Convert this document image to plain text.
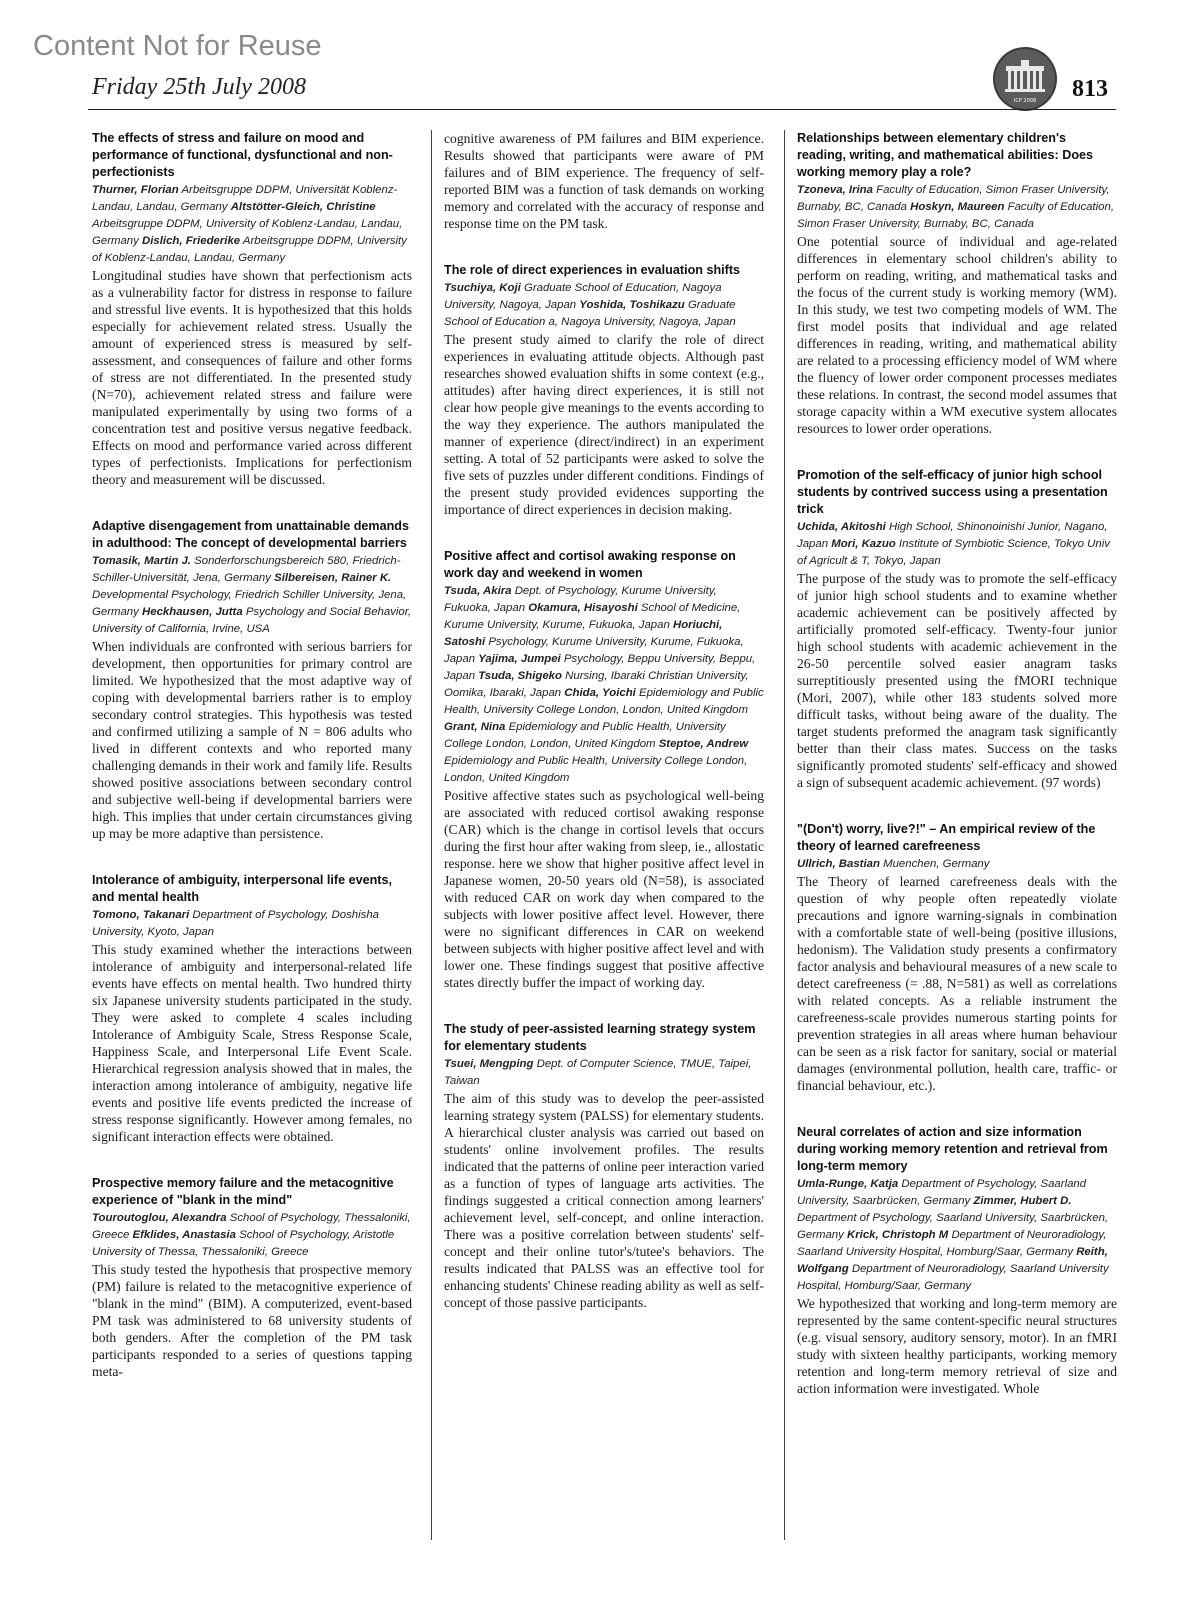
Content Not for Reuse
Friday 25th July 2008
ICP 2008 813
The effects of stress and failure on mood and performance of functional, dysfunctional and non-perfectionists

Thurner, Florian Arbeitsgruppe DDPM, Universität Koblenz-Landau, Landau, Germany Altstötter-Gleich, Christine Arbeitsgruppe DDPM, University of Koblenz-Landau, Landau, Germany Dislich, Friederike Arbeitsgruppe DDPM, University of Koblenz-Landau, Landau, Germany

Longitudinal studies have shown that perfectionism acts as a vulnerability factor for distress in response to failure and stressful live events. It is hypothesized that this holds especially for achievement related stress. Usually the amount of experienced stress is measured by self-assessment, and consequences of failure and other forms of stress are not differentiated. In the presented study (N=70), achievement related stress and failure were manipulated experimentally by using two forms of a concentration test and positive versus negative feedback. Effects on mood and performance varied across different types of perfectionists. Implications for perfectionism theory and measurement will be discussed.

Adaptive disengagement from unattainable demands in adulthood: The concept of developmental barriers

Tomasik, Martin J. Sonderforschungsbereich 580, Friedrich-Schiller-Universität, Jena, Germany Silbereisen, Rainer K. Developmental Psychology, Friedrich Schiller University, Jena, Germany Heckhausen, Jutta Psychology and Social Behavior, University of California, Irvine, USA

When individuals are confronted with serious barriers for development, then opportunities for primary control are limited. We hypothesized that the most adaptive way of coping with developmental barriers rather is to employ secondary control strategies. This hypothesis was tested and confirmed utilizing a sample of N = 806 adults who lived in different contexts and who reported many challenging demands in their work and family life. Results showed positive associations between secondary control and subjective well-being if developmental barriers were high. This implies that under certain circumstances giving up may be more adaptive than persistence.

Intolerance of ambiguity, interpersonal life events, and mental health

Tomono, Takanari Department of Psychology, Doshisha University, Kyoto, Japan

This study examined whether the interactions between intolerance of ambiguity and interpersonal-related life events have effects on mental health. Two hundred thirty six Japanese university students participated in the study. They were asked to complete 4 scales including Intolerance of Ambiguity Scale, Stress Response Scale, Happiness Scale, and Interpersonal Life Event Scale. Hierarchical regression analysis showed that in males, the interaction among intolerance of ambiguity, negative life events and positive life events predicted the increase of stress response significantly. However among females, no significant interaction effects were obtained.

Prospective memory failure and the metacognitive experience of "blank in the mind"

Touroutoglou, Alexandra School of Psychology, Thessaloniki, Greece Efklides, Anastasia School of Psychology, Aristotle University of Thessa, Thessaloniki, Greece

This study tested the hypothesis that prospective memory (PM) failure is related to the metacognitive experience of "blank in the mind" (BIM). A computerized, event-based PM task was administered to 68 university students of both genders. After the completion of the PM task participants responded to a series of questions tapping meta-

cognitive awareness of PM failures and BIM experience. Results showed that participants were aware of PM failures and of BIM experience. The frequency of self-reported BIM was a function of task demands on working memory and correlated with the accuracy of response and response time on the PM task.

The role of direct experiences in evaluation shifts

Tsuchiya, Koji Graduate School of Education, Nagoya University, Nagoya, Japan Yoshida, Toshikazu Graduate School of Education a, Nagoya University, Nagoya, Japan

The present study aimed to clarify the role of direct experiences in evaluating attitude objects. Although past researches showed evaluation shifts in some context (e.g., attitudes) after having direct experiences, it is still not clear how people give meanings to the events according to the way they experience. The authors manipulated the manner of experience (direct/indirect) in an experiment setting. A total of 52 participants were asked to solve the five sets of puzzles under different conditions. Findings of the present study provided evidences supporting the importance of direct experiences in decision making.

Positive affect and cortisol awaking response on work day and weekend in women

Tsuda, Akira Dept. of Psychology, Kurume University, Fukuoka, Japan Okamura, Hisayoshi School of Medicine, Kurume University, Kurume, Fukuoka, Japan Horiuchi, Satoshi Psychology, Kurume University, Kurume, Fukuoka, Japan Yajima, Jumpei Psychology, Beppu University, Beppu, Japan Tsuda, Shigeko Nursing, Ibaraki Christian University, Oomika, Ibaraki, Japan Chida, Yoichi Epidemiology and Public Health, University College London, London, United Kingdom Grant, Nina Epidemiology and Public Health, University College London, London, United Kingdom Steptoe, Andrew Epidemiology and Public Health, University College London, London, United Kingdom

Positive affective states such as psychological well-being are associated with reduced cortisol awaking response (CAR) which is the change in cortisol levels that occurs during the first hour after waking from sleep, ie., allostatic response. here we show that higher positive affect level in Japanese women, 20-50 years old (N=58), is associated with reduced CAR on work day when compared to the subjects with lower positive affect level. However, there were no significant differences in CAR on weekend between subjects with higher positive affect level and with lower one. These findings suggest that positive affective states directly buffer the impact of working day.

The study of peer-assisted learning strategy system for elementary students

Tsuei, Mengping Dept. of Computer Science, TMUE, Taipei, Taiwan

The aim of this study was to develop the peer-assisted learning strategy system (PALSS) for elementary students. A hierarchical cluster analysis was carried out based on students' online involvement profiles. The results indicated that the patterns of online peer interaction varied as a function of types of language arts activities. The findings suggested a critical connection among learners' achievement level, self-concept, and online interaction. There was a positive correlation between students' self-concept and their online tutor's/tutee's behaviors. The results indicated that PALSS was an effective tool for enhancing students' Chinese reading ability as well as self-concept of those passive participants.

Relationships between elementary children's reading, writing, and mathematical abilities: Does working memory play a role?

Tzoneva, Irina Faculty of Education, Simon Fraser University, Burnaby, BC, Canada Hoskyn, Maureen Faculty of Education, Simon Fraser University, Burnaby, BC, Canada

One potential source of individual and age-related differences in elementary school children's ability to perform on reading, writing, and mathematical tasks and the focus of the current study is working memory (WM). In this study, we test two competing models of WM. The first model posits that individual and age related differences in reading, writing, and mathematical ability are related to a processing efficiency model of WM where the fluency of lower order component processes mediates these relations. In contrast, the second model assumes that storage capacity within a WM executive system allocates resources to lower order operations.

Promotion of the self-efficacy of junior high school students by contrived success using a presentation trick

Uchida, Akitoshi High School, Shinonoinishi Junior, Nagano, Japan Mori, Kazuo Institute of Symbiotic Science, Tokyo Univ of Agricult & T, Tokyo, Japan

The purpose of the study was to promote the self-efficacy of junior high school students and to examine whether academic achievement can be positively affected by artificially promoted self-efficacy. Twenty-four junior high school students with academic achievement in the 26-50 percentile solved easier anagram tasks surreptitiously presented using the fMORI technique (Mori, 2007), while other 183 students solved more difficult tasks, without being aware of the duality. The target students preformed the anagram task significantly better than their class mates. Success on the tasks significantly promoted students' self-efficacy and showed a sign of subsequent academic achievement. (97 words)

"(Don't) worry, live?!" – An empirical review of the theory of learned carefreeness

Ullrich, Bastian Muenchen, Germany

The Theory of learned carefreeness deals with the question of why people often repeatedly violate precautions and ignore warning-signals in combination with a comfortable state of well-being (positive illusions, hedonism). The Validation study presents a confirmatory factor analysis and behavioural measures of a new scale to detect carefreeness (= .88, N=581) as well as correlations with related concepts. As a reliable instrument the carefreeness-scale provides numerous starting points for prevention strategies in all areas where human behaviour can be seen as a risk factor for sanitary, social or material damages (environmental pollution, health care, traffic- or financial behaviour, etc.).

Neural correlates of action and size information during working memory retention and retrieval from long-term memory

Umla-Runge, Katja Department of Psychology, Saarland University, Saarbrücken, Germany Zimmer, Hubert D. Department of Psychology, Saarland University, Saarbrücken, Germany Krick, Christoph M Department of Neuroradiology, Saarland University Hospital, Homburg/Saar, Germany Reith, Wolfgang Department of Neuroradiology, Saarland University Hospital, Homburg/Saar, Germany

We hypothesized that working and long-term memory are represented by the same content-specific neural structures (e.g. visual sensory, auditory sensory, motor). In an fMRI study with sixteen healthy participants, working memory retention and long-term memory retrieval of size and action information were investigated. Whole
